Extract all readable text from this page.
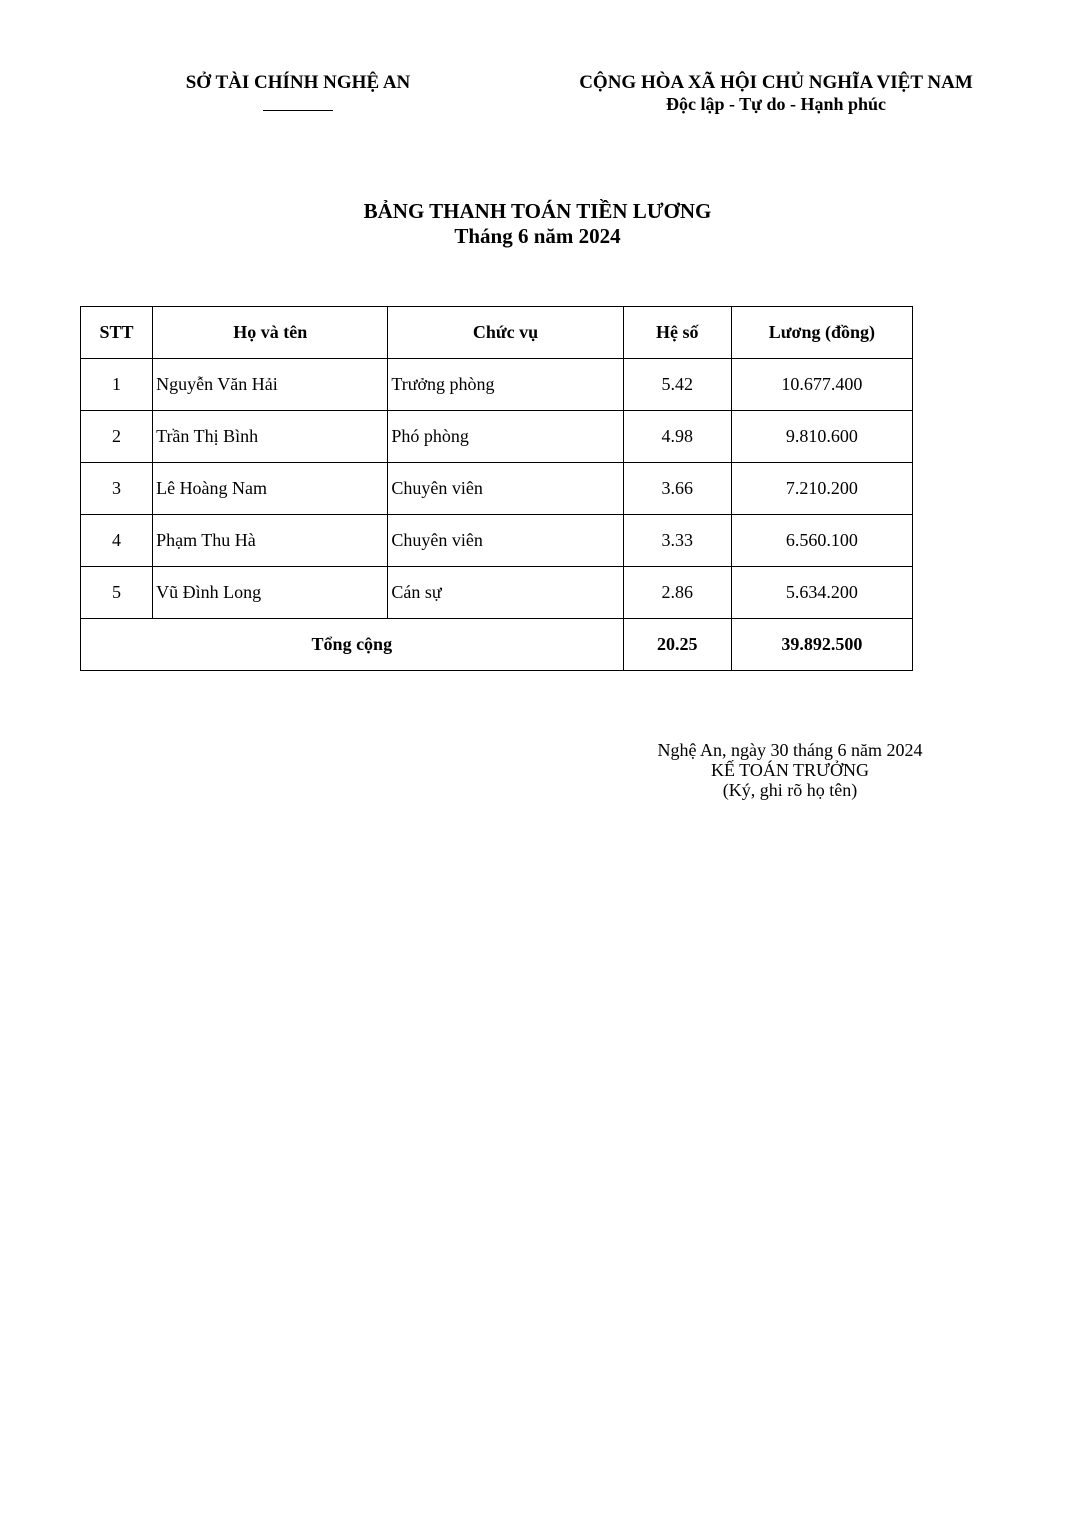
SỞ TÀI CHÍNH NGHỆ AN	CỘNG HÒA XÃ HỘI CHỦ NGHĨA VIỆT NAM
Độc lập - Tự do - Hạnh phúc
BẢNG THANH TOÁN TIỀN LƯƠNG
Tháng 6 năm 2024
STT	Họ và tên	Chức vụ	Hệ số	Lương (đồng)
1	Nguyễn Văn Hải	Trưởng phòng	5.42	10.677.400
2	Trần Thị Bình	Phó phòng	4.98	9.810.600
3	Lê Hoàng Nam	Chuyên viên	3.66	7.210.200
4	Phạm Thu Hà	Chuyên viên	3.33	6.560.100
5	Vũ Đình Long	Cán sự	2.86	5.634.200
Tổng cộng			20.25	39.892.500
Nghệ An, ngày 30 tháng 6 năm 2024
KẾ TOÁN TRƯỞNG
(Ký, ghi rõ họ tên)
